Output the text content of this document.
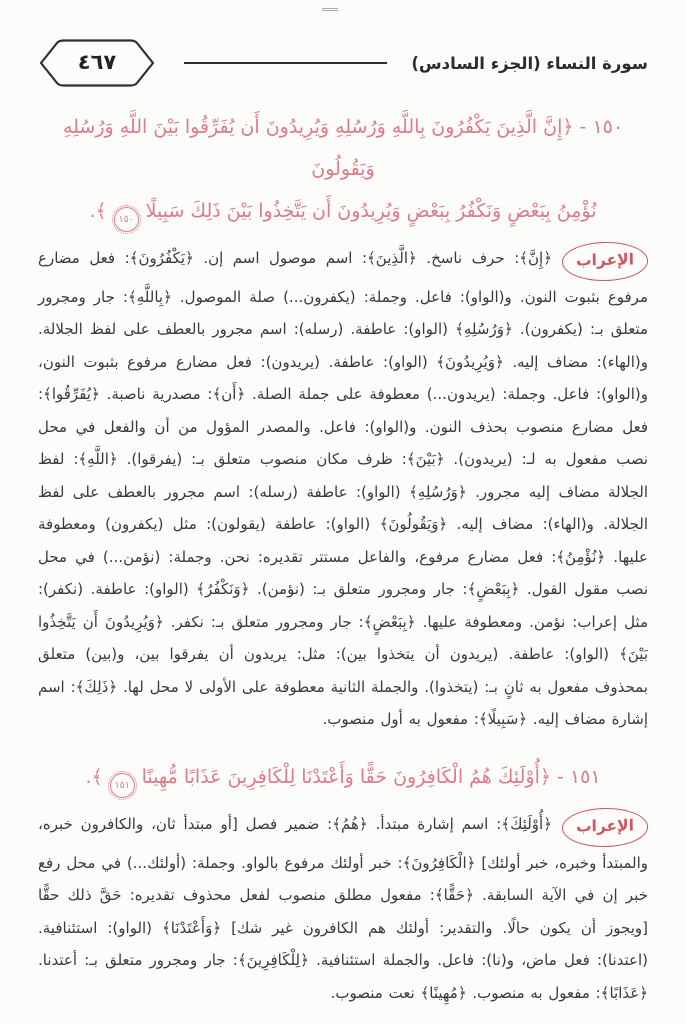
سورة النساء (الجزء السادس)
٤٦٧
١٥٠ - ﴿إِنَّ الَّذِينَ يَكْفُرُونَ بِاللَّهِ وَرُسُلِهِ وَيُرِيدُونَ أَن يُفَرِّقُوا بَيْنَ اللَّهِ وَرُسُلِهِ وَيَقُولُونَ
نُؤْمِنُ بِبَعْضٍ وَنَكْفُرُ بِبَعْضٍ وَيُرِيدُونَ أَن يَتَّخِذُوا بَيْنَ ذَلِكَ سَبِيلًا١٥٠﴾.

الإعراب﴿إِنَّ﴾: حرف ناسخ. ﴿الَّذِينَ﴾: اسم موصول اسم إن. ﴿يَكْفُرُونَ﴾: فعل مضارع مرفوع بثبوت النون. و(الواو): فاعل. وجملة: (يكفرون...) صلة الموصول. ﴿بِاللَّهِ﴾: جار ومجرور متعلق بـ: (يكفرون). ﴿وَرُسُلِهِ﴾ (الواو): عاطفة. (رسله): اسم مجرور بالعطف على لفظ الجلالة. و(الهاء): مضاف إليه. ﴿وَيُرِيدُونَ﴾ (الواو): عاطفة. (يريدون): فعل مضارع مرفوع بثبوت النون، و(الواو): فاعل. وجملة: (يريدون...) معطوفة على جملة الصلة. ﴿أَن﴾: مصدرية ناصبة. ﴿يُفَرِّقُوا﴾: فعل مضارع منصوب بحذف النون. و(الواو): فاعل. والمصدر المؤول من أن والفعل في محل نصب مفعول به لـ: (يريدون). ﴿بَيْنَ﴾: ظرف مكان منصوب متعلق بـ: (يفرقوا). ﴿اللَّهِ﴾: لفظ الجلالة مضاف إليه مجرور. ﴿وَرُسُلِهِ﴾ (الواو): عاطفة (رسله): اسم مجرور بالعطف على لفظ الجلالة. و(الهاء): مضاف إليه. ﴿وَيَقُولُونَ﴾ (الواو): عاطفة (يقولون): مثل (يكفرون) ومعطوفة عليها. ﴿نُؤْمِنُ﴾: فعل مضارع مرفوع، والفاعل مستتر تقديره: نحن. وجملة: (نؤمن...) في محل نصب مقول القول. ﴿بِبَعْضٍ﴾: جار ومجرور متعلق بـ: (نؤمن). ﴿وَنَكْفُرُ﴾ (الواو): عاطفة. (نكفر): مثل إعراب: نؤمن. ومعطوفة عليها. ﴿بِبَعْضٍ﴾: جار ومجرور متعلق بـ: نكفر. ﴿وَيُرِيدُونَ أَن يَتَّخِذُوا بَيْنَ﴾ (الواو): عاطفة. (يريدون أن يتخذوا بين): مثل: يريدون أن يفرقوا بين، و(بين) متعلق بمحذوف مفعول به ثانٍ بـ: (يتخذوا). والجملة الثانية معطوفة على الأولى لا محل لها. ﴿ذَلِكَ﴾: اسم إشارة مضاف إليه. ﴿سَبِيلًا﴾: مفعول به أول منصوب.

١٥١ - ﴿أُوْلَئِكَ هُمُ الْكَافِرُونَ حَقًّا وَأَعْتَدْنَا لِلْكَافِرِينَ عَذَابًا مُّهِينًا١٥١﴾.

الإعراب﴿أُوْلَئِكَ﴾: اسم إشارة مبتدأ. ﴿هُمُ﴾: ضمير فصل [أو مبتدأ ثان، والكافرون خبره، والمبتدأ وخبره، خبر أولئك] ﴿الْكَافِرُونَ﴾: خبر أولئك مرفوع بالواو. وجملة: (أولئك...) في محل رفع خبر إن في الآية السابقة. ﴿حَقًّا﴾: مفعول مطلق منصوب لفعل محذوف تقديره: حَقَّ ذلك حقًّا [ويجوز أن يكون حالًا. والتقدير: أولئك هم الكافرون غير شك] ﴿وَأَعْتَدْنَا﴾ (الواو): استئنافية. (اعتدنا): فعل ماض، و(نا): فاعل. والجملة استئنافية. ﴿لِلْكَافِرِينَ﴾: جار ومجرور متعلق بـ: أعتدنا. ﴿عَذَابًا﴾: مفعول به منصوب. ﴿مُهِينًا﴾ نعت منصوب.
